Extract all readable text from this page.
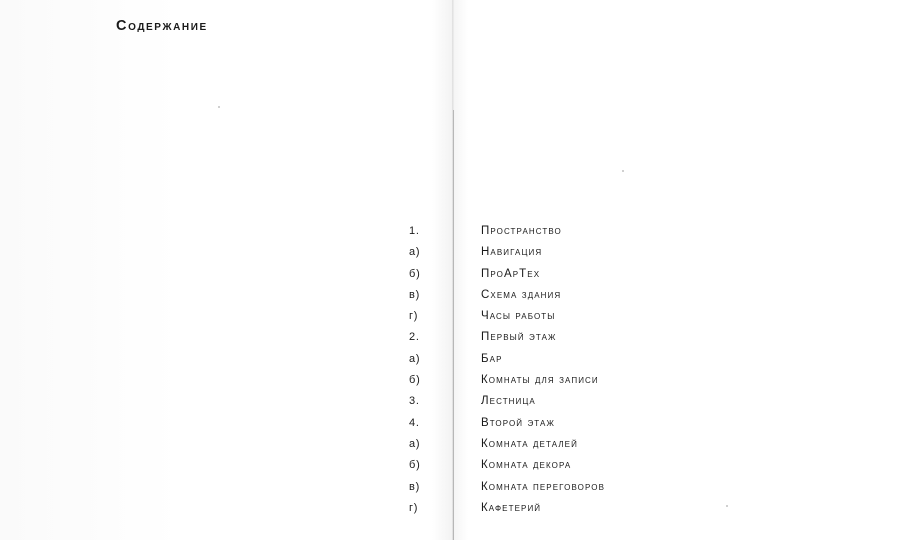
Содержание
1.	Пространство
а)	Навигация
б)	ПроАрТех
в)	Схема здания
г)	Часы работы
2.	Первый этаж
а)	Бар
б)	Комнаты для записи
3.	Лестница
4.	Второй этаж
а)	Комната деталей
б)	Комната декора
в)	Комната переговоров
г)	Кафетерий
